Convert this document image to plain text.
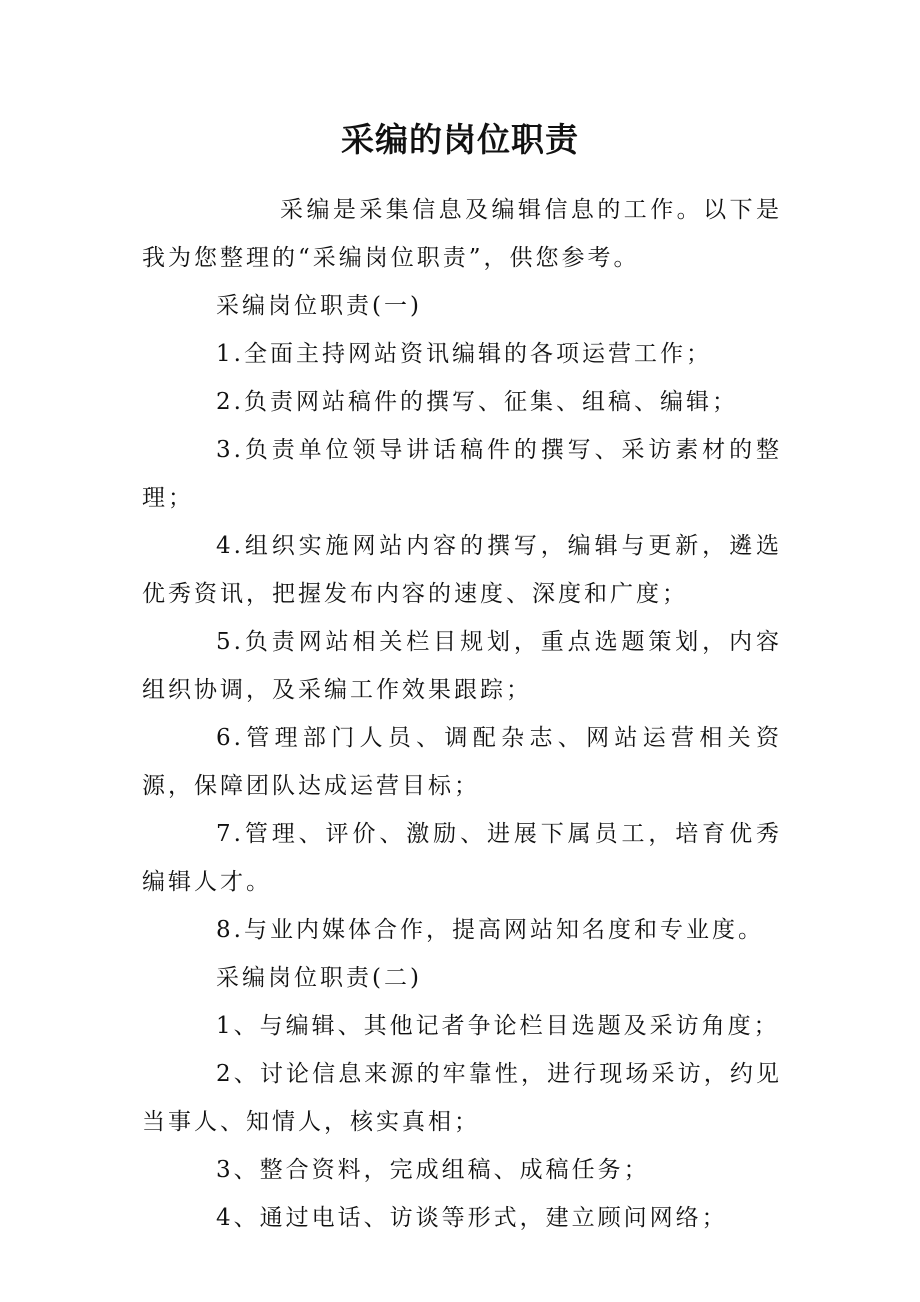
采编的岗位职责

采编是采集信息及编辑信息的工作。以下是我为您整理的“采编岗位职责”，供您参考。

采编岗位职责(一)

1.全面主持网站资讯编辑的各项运营工作；

2.负责网站稿件的撰写、征集、组稿、编辑；

3.负责单位领导讲话稿件的撰写、采访素材的整理；

4.组织实施网站内容的撰写，编辑与更新，遴选优秀资讯，把握发布内容的速度、深度和广度；

5.负责网站相关栏目规划，重点选题策划，内容组织协调，及采编工作效果跟踪；

6.管理部门人员、调配杂志、网站运营相关资源，保障团队达成运营目标；

7.管理、评价、激励、进展下属员工，培育优秀编辑人才。

8.与业内媒体合作，提高网站知名度和专业度。

采编岗位职责(二)

1、与编辑、其他记者争论栏目选题及采访角度；

2、讨论信息来源的牢靠性，进行现场采访，约见当事人、知情人，核实真相；

3、整合资料，完成组稿、成稿任务；

4、通过电话、访谈等形式，建立顾问网络；
